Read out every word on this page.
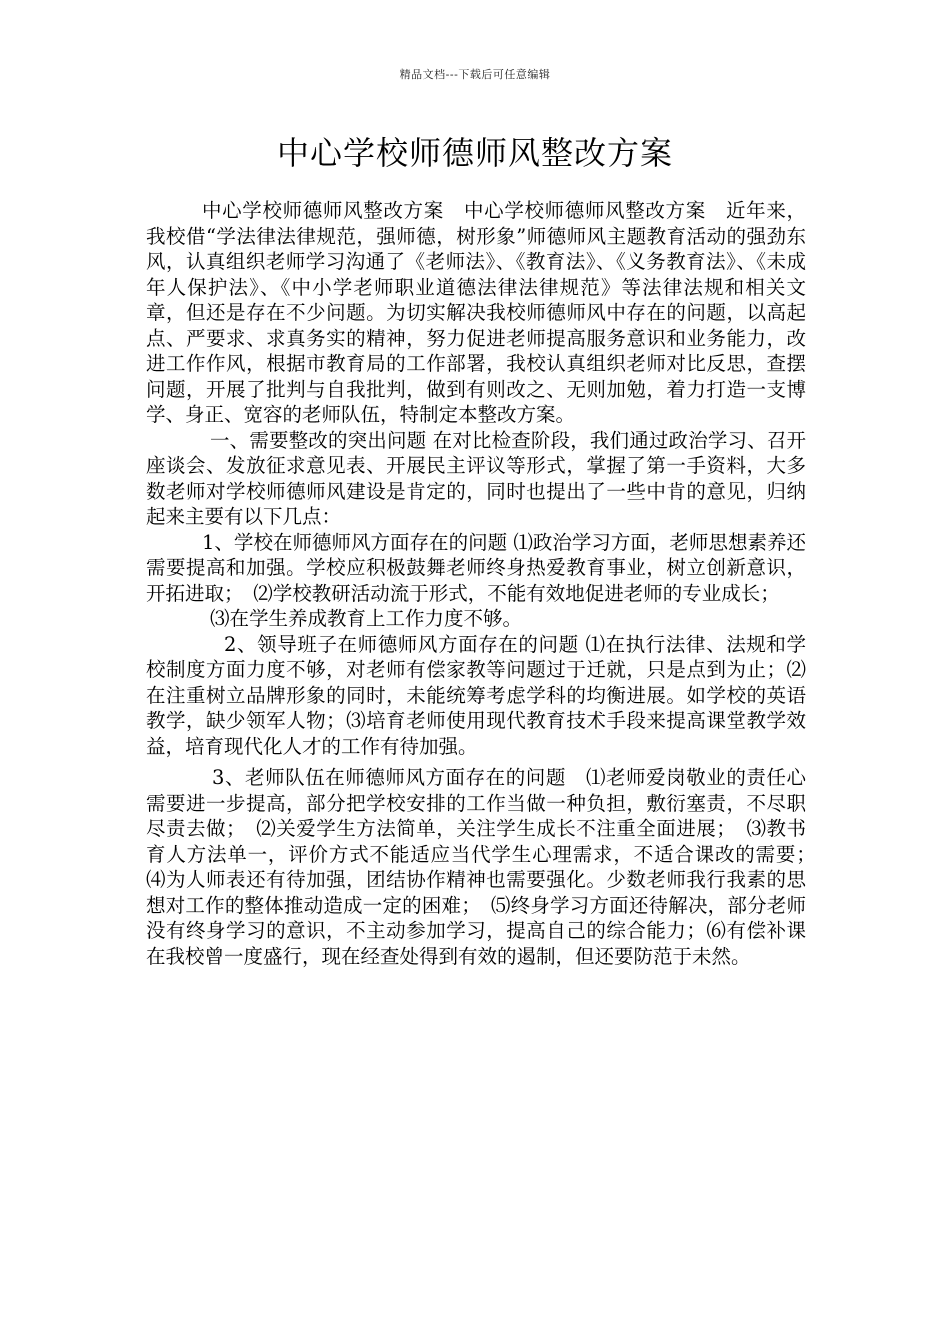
精品文档---下载后可任意编辑
中心学校师德师风整改方案

中心学校师德师风整改方案　中心学校师德师风整改方案　近年来，我校借“学法律法律规范，强师德，树形象”师德师风主题教育活动的强劲东风，认真组织老师学习沟通了《老师法》、《教育法》、《义务教育法》、《未成年人保护法》、《中小学老师职业道德法律法律规范》等法律法规和相关文章，但还是存在不少问题。为切实解决我校师德师风中存在的问题，以高起点、严要求、求真务实的精神，努力促进老师提高服务意识和业务能力，改进工作作风，根据市教育局的工作部署，我校认真组织老师对比反思，查摆问题，开展了批判与自我批判，做到有则改之、无则加勉，着力打造一支博学、身正、宽容的老师队伍，特制定本整改方案。

一、需要整改的突出问题 在对比检查阶段，我们通过政治学习、召开座谈会、发放征求意见表、开展民主评议等形式，掌握了第一手资料，大多数老师对学校师德师风建设是肯定的，同时也提出了一些中肯的意见，归纳起来主要有以下几点：

1、学校在师德师风方面存在的问题 ⑴政治学习方面，老师思想素养还需要提高和加强。学校应积极鼓舞老师终身热爱教育事业，树立创新意识，开拓进取；　⑵学校教研活动流于形式，不能有效地促进老师的专业成长；

⑶在学生养成教育上工作力度不够。

2、领导班子在师德师风方面存在的问题 ⑴在执行法律、法规和学校制度方面力度不够，对老师有偿家教等问题过于迁就，只是点到为止；⑵在注重树立品牌形象的同时，未能统筹考虑学科的均衡进展。如学校的英语教学，缺少领军人物；⑶培育老师使用现代教育技术手段来提高课堂教学效益，培育现代化人才的工作有待加强。

3、老师队伍在师德师风方面存在的问题　⑴老师爱岗敬业的责任心需要进一步提高，部分把学校安排的工作当做一种负担，敷衍塞责，不尽职尽责去做；　⑵关爱学生方法简单，关注学生成长不注重全面进展；　⑶教书育人方法单一，评价方式不能适应当代学生心理需求，不适合课改的需要；　⑷为人师表还有待加强，团结协作精神也需要强化。少数老师我行我素的思想对工作的整体推动造成一定的困难；　⑸终身学习方面还待解决，部分老师没有终身学习的意识，不主动参加学习，提高自己的综合能力；⑹有偿补课在我校曾一度盛行，现在经查处得到有效的遏制，但还要防范于未然。
